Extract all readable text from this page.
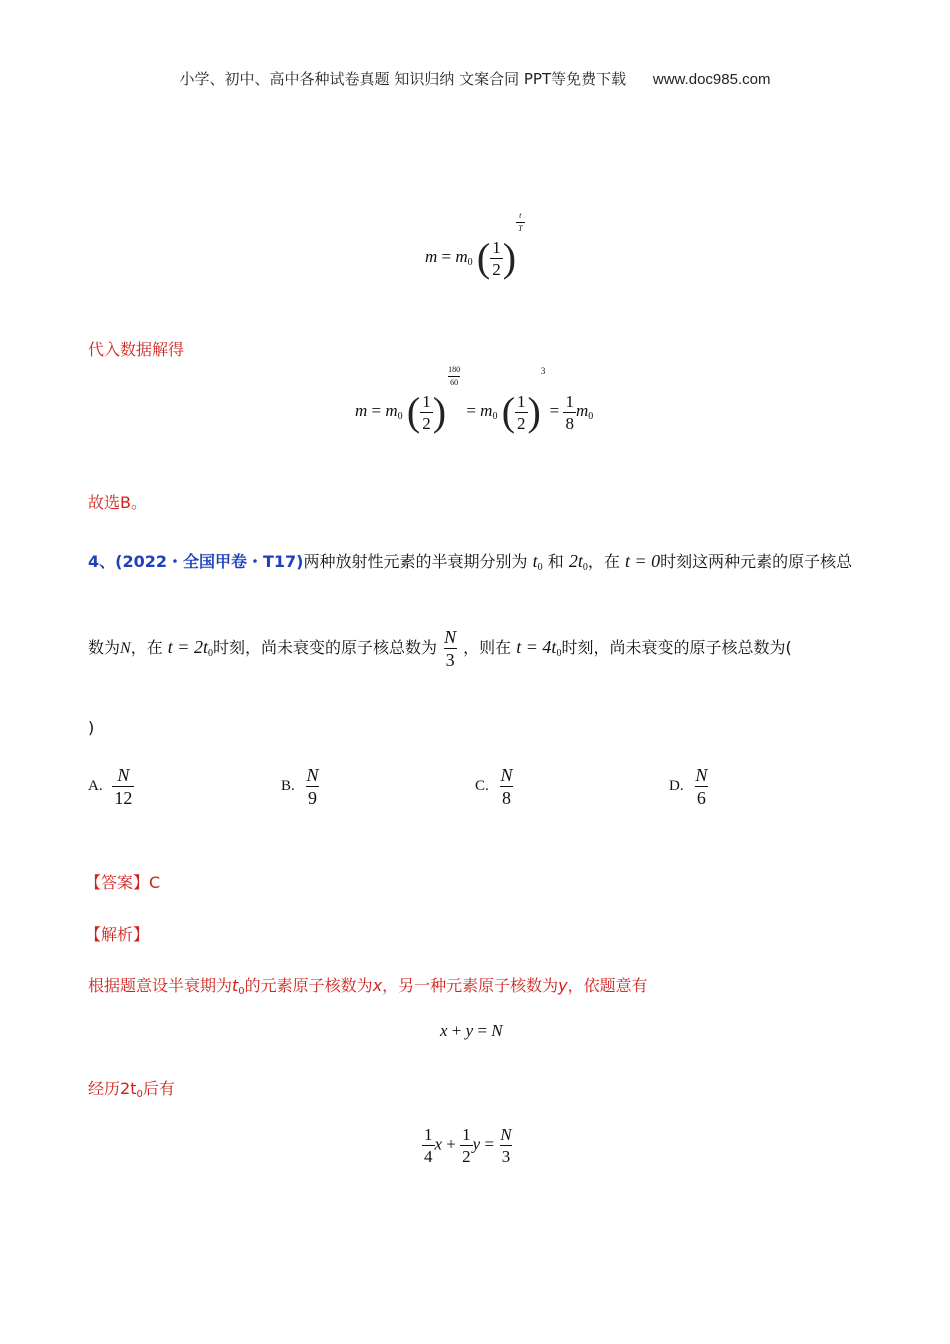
小学、初中、高中各种试卷真题 知识归纳 文案合同 PPT等免费下载 www.doc985.com
$m = m_0$ ( $\frac{1}{2}$ )
$\frac{t}{T}$
代入数据解得
$m = m_0$ ( $\frac{1}{2}$ )
$\frac{180}{60}$
= $m_0$ ( $\frac{1}{2} )3 = \frac{1}{8} m_0$
故选B。
4、(2022・全国甲卷・T17)两种放射性元素的半衰期分别为 $t_0$ 和 $2t_0$，在 t = 0时刻这两种元素的原子核总
数为N，在 $t = 2t_0$时刻，尚未衰变的原子核总数为 $\frac{N}{3}$ ，则在 $t = 4t_0$时刻，尚未衰变的原子核总数为(
)
A. $\frac{N}{12}$	B. $\frac{N}{9}$	C. $\frac{N}{8}$	D. $\frac{N}{6}$
【答案】C
【解析】
根据题意设半衰期为$t_0$的元素原子核数为x，另一种元素原子核数为y，依题意有
x + y = N
经历$2t_0$后有
$\frac{1}{4}$ $x + \frac{1}{2}$ $y = \frac{N}{3}$
